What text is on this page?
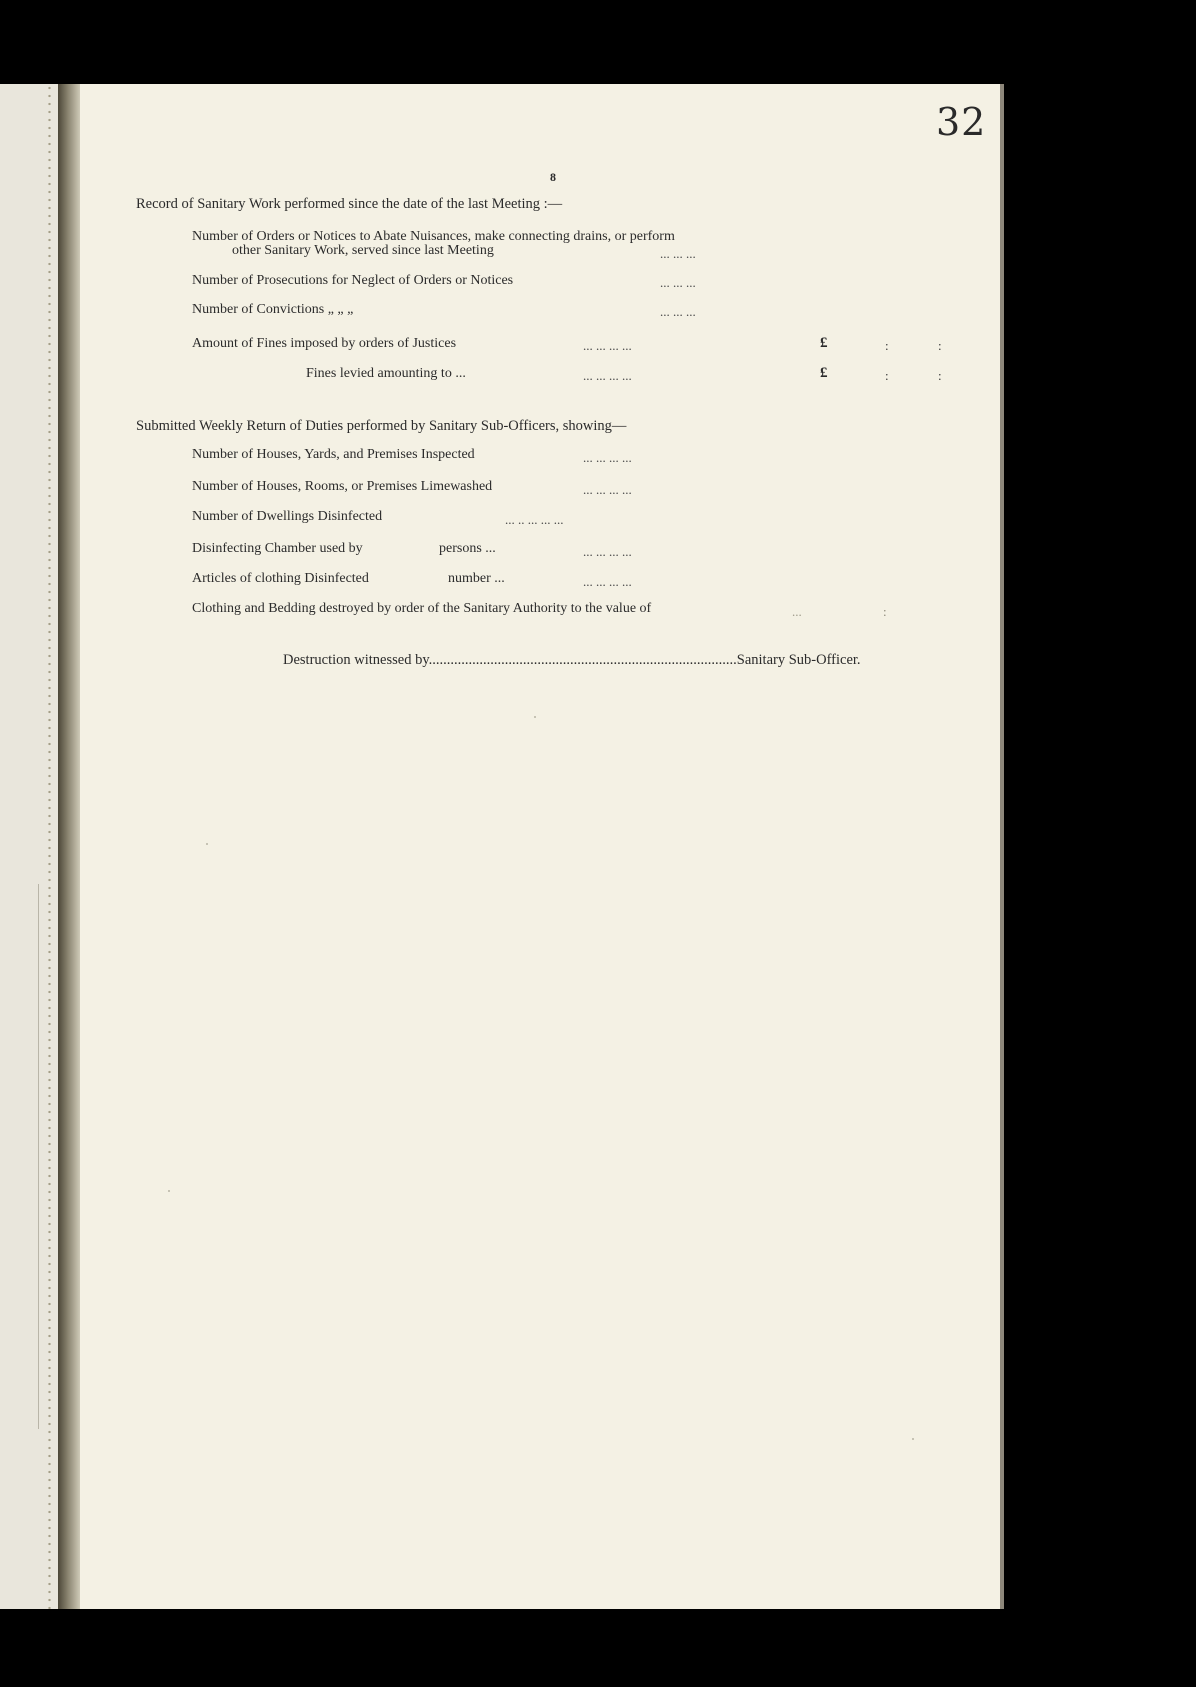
32
8
Record of Sanitary Work performed since the date of the last Meeting :—
Number of Orders or Notices to Abate Nuisances, make connecting drains, or perform
other Sanitary Work, served since last Meeting	... ... ...
Number of Prosecutions for Neglect of Orders or Notices	... ... ...
Number of Convictions „ „ „	... ... ...
Amount of Fines imposed by orders of Justices	... ... ... ...	£	:	:
Fines levied amounting to ...	... ... ... ...	£	:	:
Submitted Weekly Return of Duties performed by Sanitary Sub-Officers, showing—
Number of Houses, Yards, and Premises Inspected	... ... ... ...
Number of Houses, Rooms, or Premises Limewashed	... ... ... ...
Number of Dwellings Disinfected	... .. ... ... ...
Disinfecting Chamber used by	persons ...	... ... ... ...
Articles of clothing Disinfected	number ...	... ... ... ...
Clothing and Bedding destroyed by order of the Sanitary Authority to the value of	...	:
Destruction witnessed by.....................................................................................Sanitary Sub-Officer.
